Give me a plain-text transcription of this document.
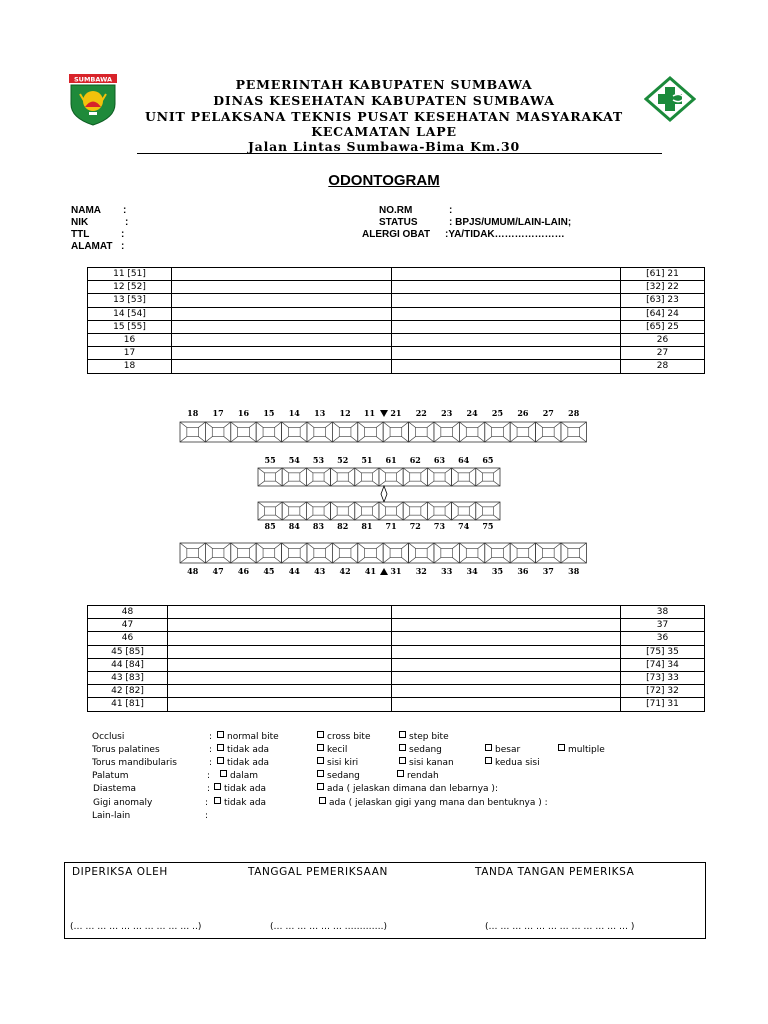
SUMBAWA	PEMERINTAH KABUPATEN SUMBAWA
DINAS KESEHATAN KABUPATEN SUMBAWA
UNIT PELAKSANA TEKNIS PUSAT KESEHATAN MASYARAKAT
KECAMATAN LAPE
Jalan Lintas Sumbawa-Bima Km.30
ODONTOGRAM
NAMA	:
NIK	:
TTL	:
ALAMAT :
NO.RM	:
STATUS	: BPJS/UMUM/LAIN-LAIN;
ALERGI OBAT :YA/TIDAK…………………
11 [51]			[61] 21
12 [52]			[32] 22
13 [53]			[63] 23
14 [54]			[64] 24
15 [55]			[65] 25
16			26
17			27
18			28
18 17 16 15 14 13 12 11 21 22 23 24 25 26 27 28
55 54 53 52 51 61 62 63 64 65
85 84 83 82 81 71 72 73 74 75
48 47 46 45 44 43 42 41 31 32 33 34 35 36 37 38
48			38
47			37
46			36
45 [85]			[75] 35
44 [84]			[74] 34
43 [83]			[73] 33
42 [82]			[72] 32
41 [81]			[71] 31
Occlusi	:	normal bite	cross bite	step bite
Torus palatines	:	tidak ada	kecil	sedang	besar	multiple
Torus mandibularis	:	tidak ada	sisi kiri	sisi kanan	kedua sisi
Palatum	:	dalam	sedang	rendah
Diastema	:	tidak ada	ada ( jelaskan dimana dan lebarnya ):
Gigi anomaly	:	tidak ada	ada ( jelaskan gigi yang mana dan bentuknya ) :
Lain-lain	:
DIPERIKSA OLEH	TANGGAL PEMERIKSAAN	TANDA TANGAN PEMERIKSA
(… … … … … … … … … … ..)	(… … … … … … ………….)	(… … … … … … … … … … … … )
